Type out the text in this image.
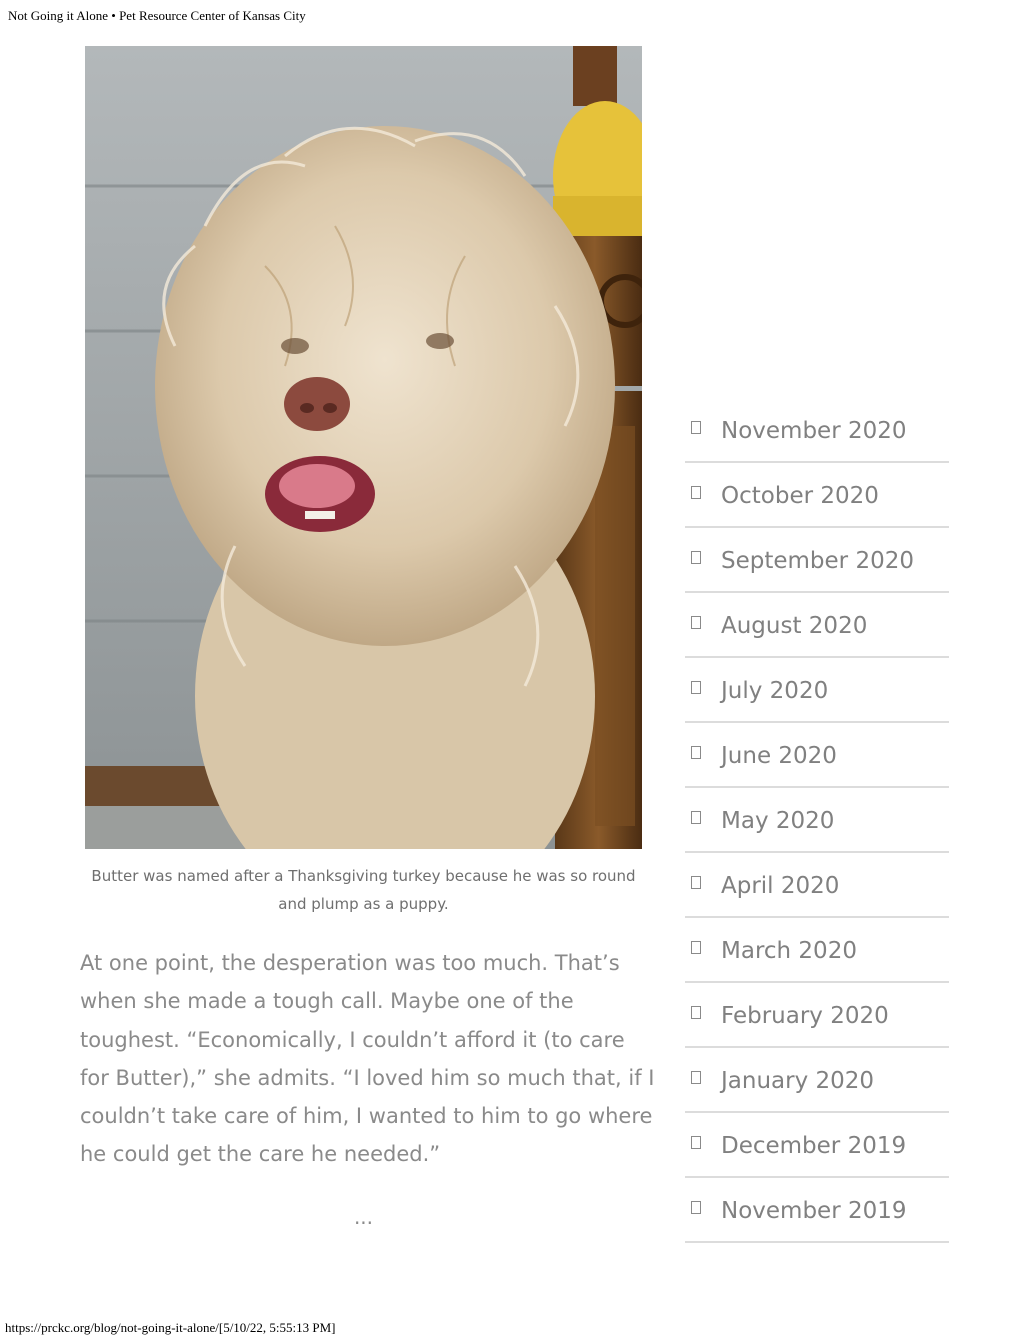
Not Going it Alone • Pet Resource Center of Kansas City
Butter was named after a Thanksgiving turkey because he was so round and plump as a puppy.

At one point, the desperation was too much. That’s when she made a tough call. Maybe one of the toughest. “Economically, I couldn’t afford it (to care for Butter),” she admits. “I loved him so much that, if I couldn’t take care of him, I wanted to him to go where he could get the care he needed.”

...
November 2020
October 2020
September 2020
August 2020
July 2020
June 2020
May 2020
April 2020
March 2020
February 2020
January 2020
December 2019
November 2019
https://prckc.org/blog/not-going-it-alone/[5/10/22, 5:55:13 PM]
